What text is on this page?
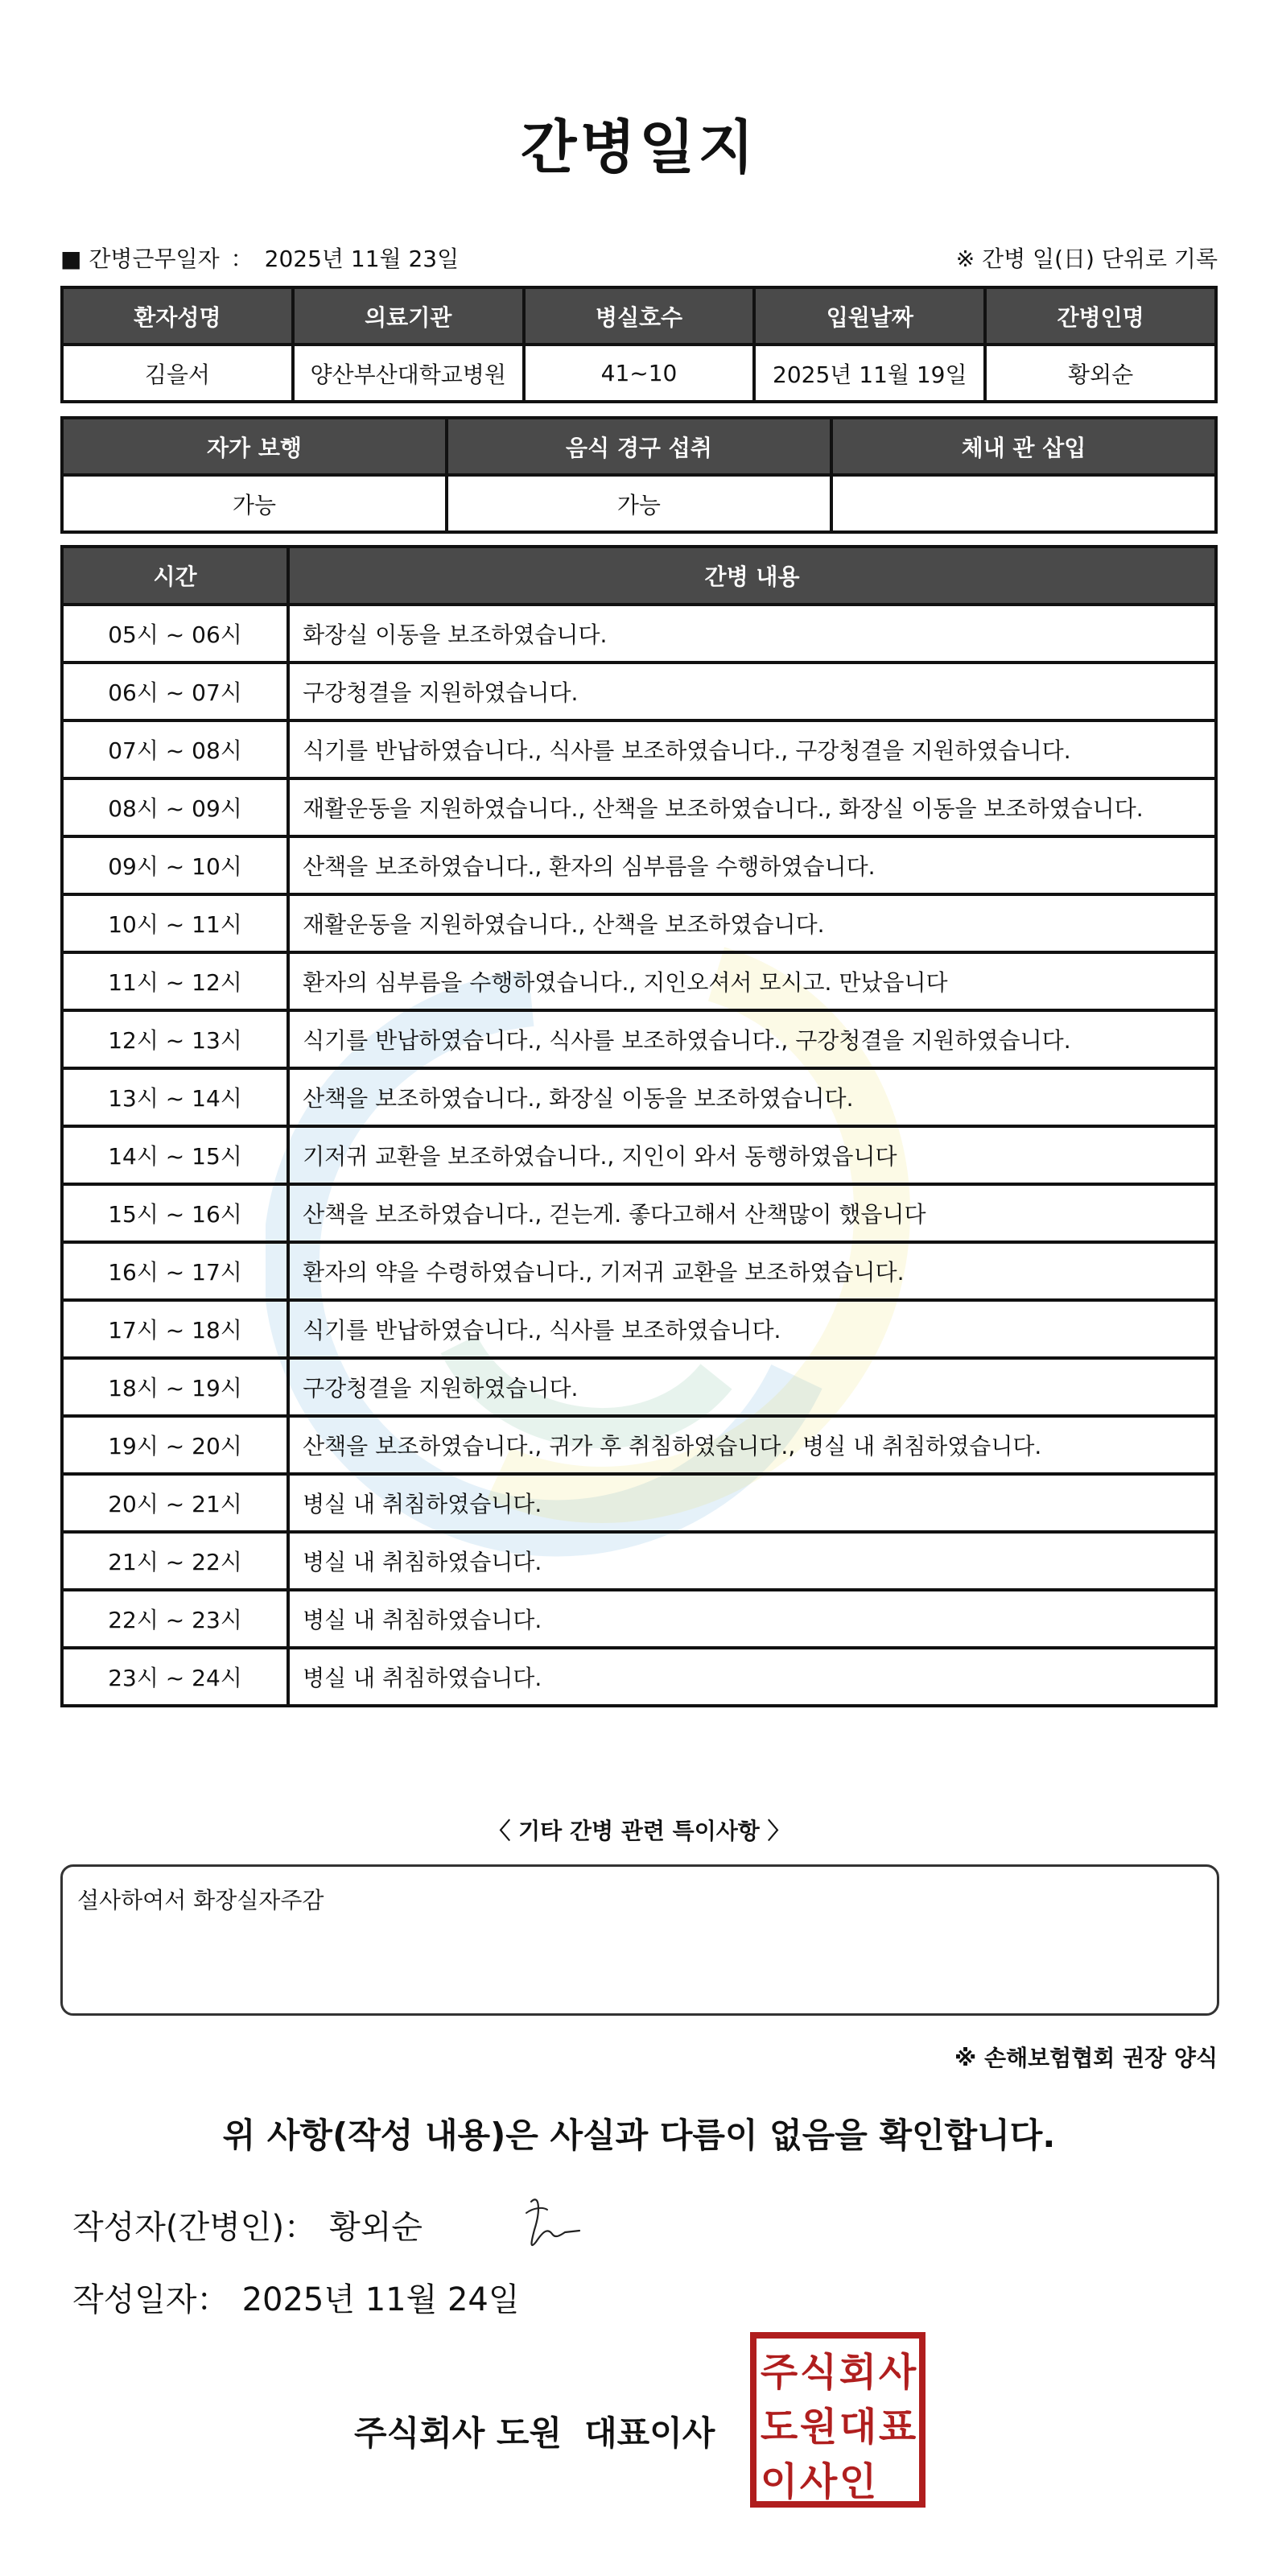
간병일지
■ 간병근무일자 ： 2025년 11월 23일	※ 간병 일(日) 단위로 기록
환자성명	의료기관	병실호수	입원날짜	간병인명
김을서	양산부산대학교병원	41~10	2025년 11월 19일	황외순
자가 보행	음식 경구 섭취	체내 관 삽입
가능	가능	
시간	간병 내용
05시 ~ 06시	화장실 이동을 보조하였습니다.
06시 ~ 07시	구강청결을 지원하였습니다.
07시 ~ 08시	식기를 반납하였습니다., 식사를 보조하였습니다., 구강청결을 지원하였습니다.
08시 ~ 09시	재활운동을 지원하였습니다., 산책을 보조하였습니다., 화장실 이동을 보조하였습니다.
09시 ~ 10시	산책을 보조하였습니다., 환자의 심부름을 수행하였습니다.
10시 ~ 11시	재활운동을 지원하였습니다., 산책을 보조하였습니다.
11시 ~ 12시	환자의 심부름을 수행하였습니다., 지인오셔서 모시고. 만났읍니다
12시 ~ 13시	식기를 반납하였습니다., 식사를 보조하였습니다., 구강청결을 지원하였습니다.
13시 ~ 14시	산책을 보조하였습니다., 화장실 이동을 보조하였습니다.
14시 ~ 15시	기저귀 교환을 보조하였습니다., 지인이 와서 동행하였읍니다
15시 ~ 16시	산책을 보조하였습니다., 걷는게. 좋다고해서 산책많이 했읍니다
16시 ~ 17시	환자의 약을 수령하였습니다., 기저귀 교환을 보조하였습니다.
17시 ~ 18시	식기를 반납하였습니다., 식사를 보조하였습니다.
18시 ~ 19시	구강청결을 지원하였습니다.
19시 ~ 20시	산책을 보조하였습니다., 귀가 후 취침하였습니다., 병실 내 취침하였습니다.
20시 ~ 21시	병실 내 취침하였습니다.
21시 ~ 22시	병실 내 취침하였습니다.
22시 ~ 23시	병실 내 취침하였습니다.
23시 ~ 24시	병실 내 취침하였습니다.
〈 기타 간병 관련 특이사항 〉
설사하여서 화장실자주감
※ 손해보험협회 권장 양식
위 사항(작성 내용)은 사실과 다름이 없음을 확인합니다.
작성자(간병인)： 황외순
작성일자： 2025년 11월 24일
주식회사 도원 대표이사
주 식 회 사
도 원 대 표
이 사 인
